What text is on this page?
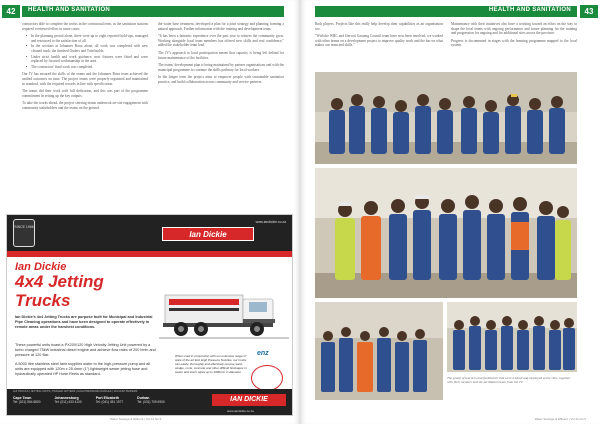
42	HEALTH AND SANITATION

contractors able to complete the works in the contractual term, as the sanitation stations required a renewed effort in some cases:

• In the planning period alone, there were up to eight reported hold-ups, managed and resourced to the satisfaction of all.
• In the sections at Johannes Roux alone, all work was completed with new cleaned track, the finished Ouders and Tuin builds.
• Under strict health and work guidance, new fixtures were fitted and were replaced by focused workmanship in the area.
• The contractors' final work was completed.

Our JV has ensured the skills of the teams and the Johannes Roux team achieved the unified outcomes on time. The project teams were properly organised and maintained in standard, with the required records in line with specification.

The teams did their work with full dedication, and this was part of the programme commitment in setting up the key outputs.

To take the works ahead, the project steering teams undertook on-site engagement with community stakeholders and the teams on the ground.

the water base treatment, developed a plan for a joint strategy and planning forming a natural approach. Further information with the training and development team.

"It has been a fantastic experience over the past year to witness the community grow. Working alongside local team members has offered new skills and real confidence," added the stakeholder team lead.

The JV's approach to local participation means that capacity is being left behind for future maintenance of the facilities.

The teams' development plan is being maintained by partner organisations and with the municipal programme to continue the skills pathway for local workers.

In the longer term the project aims to empower people with sustainable sanitation practice, and build collaboration across community and service partners.

SINCE 1966
Ian Dickie
www.iandickie.co.za
Ian Dickie
4x4 Jetting
Trucks
Ian Dickie's 4x4 Jetting Trucks are purpose built for Municipal and Industrial Pipe Cleaning operations and have been designed to operate effectively in remote areas under the harshest conditions.
These powerful units boast a PX200/120 High Velocity Jetting Unit powered by a turbo charged 75kW industrial diesel engine and achieve flow rates of 200 l/min and pressure at 120 Bar.
A 5000 litre stainless steel tank supplies water to the high-pressure pump and all units are equipped with 120m x 25.4mm (1") lightweight sewer jetting hose and hydraulically operated HP Hose Reels as standard.
When used in conjunction with our extensive range of state of the art Enz High Pressure Nozzles, our trucks can easily, thoroughly and effectively remove sand, sludge, roots, concrete and other difficult blockages in sewer and storm pipes up to 1000mm in diameter.
enz
4x4 TRUCKS | JETTING UNITS | TRAILER JETTERS | HIGH PRESSURE NOZZLES | VACUUM TANKERS
Cape Town
Tel: (021) 554 6800
Johannesburg
Tel: (011) 433 4100
Port Elizabeth
Tel: (041) 451 1977
Durban
Tel: (031) 709 6900	IAN DICKIE
www.iandickie.co.za
Water Sewage & Effluent | Vol 41 No 5
43
HEALTH AND SANITATION

Both players. Projects like this really help develop their capabilities as an organisation too.

"With the WRC and Umvoti Gauteng Council team have now been involved, we worked with other teams on a development project to improve quality work and the bar on what makes our team and skills."

Maintenance with their initiatives also have a working toward an effort on the way to shape the local teams with ongoing performance and future planning for the training and progression for ongoing and for additional sites across the province.

Progress is documented in stages with the learning programme mapped to the local system.

The group of learners and facilitators that were trained and employed at the sites, together with their mentors and the facilitation team from the JV.
Water Sewage & Effluent | Vol 41 No 5
